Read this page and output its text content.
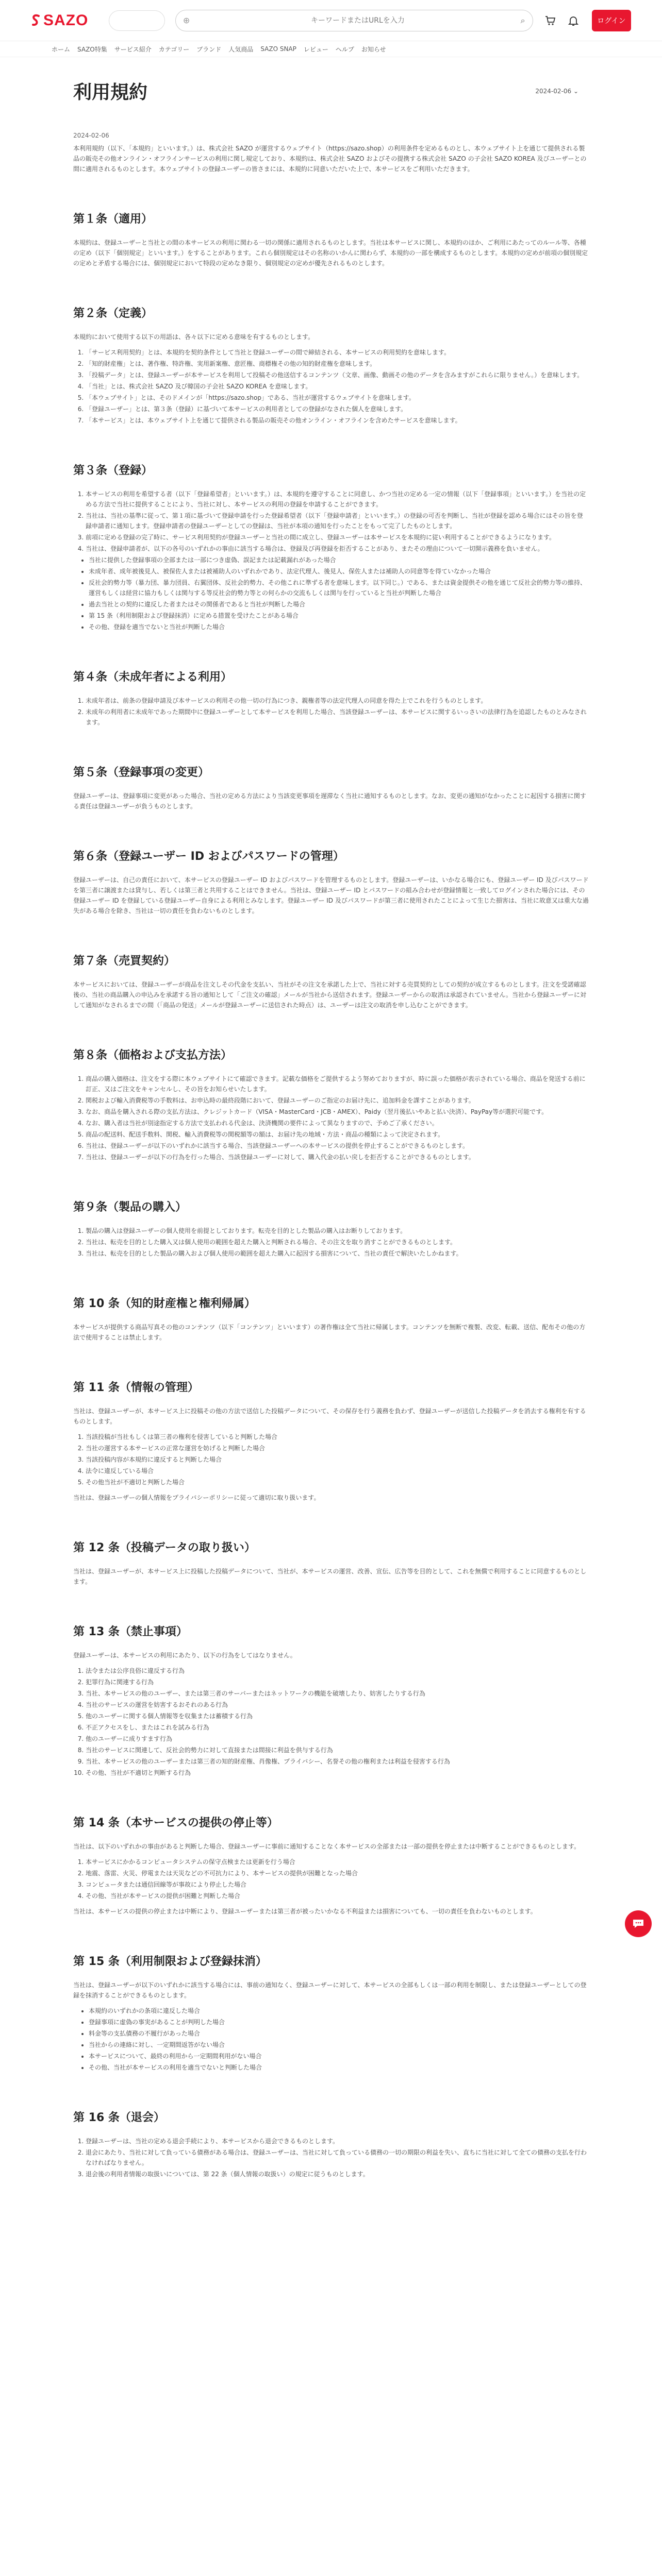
SAZO	⊕
キーワードまたはURLを入力	⌕	ログイン
ホーム SAZO特集 サービス紹介 カテゴリー ブランド 人気商品 SAZO SNAP レビュー ヘルプ お知らせ
利用規約	2024-02-06 ⌄
2024-02-06
本利用規約（以下、「本規約」といいます。）は、株式会社 SAZO が運営するウェブサイト（https://sazo.shop）の利用条件を定めるものとし、本ウェブサイト上を通じて提供される製品の販売その他オンライン・オフラインサービスの利用に関し規定しており、本規約は、株式会社 SAZO およびその提携する株式会社 SAZO の子会社 SAZO KOREA 及びユーザーとの間に適用されるものとします。本ウェブサイトの登録ユーザーの皆さまには、本規約に同意いただいた上で、本サービスをご利用いただきます。
第１条（適用）

本規約は、登録ユーザーと当社との間の本サービスの利用に関わる一切の関係に適用されるものとします。当社は本サービスに関し、本規約のほか、ご利用にあたってのルール等、各種の定め（以下「個別規定」といいます。）をすることがあります。これら個別規定はその名称のいかんに関わらず、本規約の一部を構成するものとします。本規約の定めが前項の個別規定の定めと矛盾する場合には、個別規定において特段の定めなき限り、個別規定の定めが優先されるものとします。

第２条（定義）

本規約において使用する以下の用語は、各々以下に定める意味を有するものとします。

1. 「サービス利用契約」とは、本規約を契約条件として当社と登録ユーザーの間で締結される、本サービスの利用契約を意味します。
2. 「知的財産権」とは、著作権、特許権、実用新案権、意匠権、商標権その他の知的財産権を意味します。
3. 「投稿データ」とは、登録ユーザーが本サービスを利用して投稿その他送信するコンテンツ（文章、画像、動画その他のデータを含みますがこれらに限りません。）を意味します。
4. 「当社」とは、株式会社 SAZO 及び韓国の子会社 SAZO KOREA を意味します。
5. 「本ウェブサイト」とは、そのドメインが「https://sazo.shop」である、当社が運営するウェブサイトを意味します。
6. 「登録ユーザー」とは、第３条（登録）に基づいて本サービスの利用者としての登録がなされた個人を意味します。
7. 「本サービス」とは、本ウェブサイト上を通じて提供される製品の販売その他オンライン・オフラインを含めたサービスを意味します。
第３条（登録）
1. 本サービスの利用を希望する者（以下「登録希望者」といいます。）は、本規約を遵守することに同意し、かつ当社の定める一定の情報（以下「登録事項」といいます。）を当社の定める方法で当社に提供することにより、当社に対し、本サービスの利用の登録を申請することができます。
2. 当社は、当社の基準に従って、第１項に基づいて登録申請を行った登録希望者（以下「登録申請者」といいます。）の登録の可否を判断し、当社が登録を認める場合にはその旨を登録申請者に通知します。登録申請者の登録ユーザーとしての登録は、当社が本項の通知を行ったことをもって完了したものとします。
3. 前項に定める登録の完了時に、サービス利用契約が登録ユーザーと当社の間に成立し、登録ユーザーは本サービスを本規約に従い利用することができるようになります。
4. 当社は、登録申請者が、以下の各号のいずれかの事由に該当する場合は、登録及び再登録を拒否することがあり、またその理由について一切開示義務を負いません。
• 当社に提供した登録事項の全部または一部につき虚偽、誤記または記載漏れがあった場合
• 未成年者、成年被後見人、被保佐人または被補助人のいずれかであり、法定代理人、後見人、保佐人または補助人の同意等を得ていなかった場合
• 反社会的勢力等（暴力団、暴力団員、右翼団体、反社会的勢力、その他これに準ずる者を意味します。以下同じ。）である、または資金提供その他を通じて反社会的勢力等の維持、運営もしくは経営に協力もしくは関与する等反社会的勢力等との何らかの交流もしくは関与を行っていると当社が判断した場合
• 過去当社との契約に違反した者またはその関係者であると当社が判断した場合
• 第 15 条（利用制限および登録抹消）に定める措置を受けたことがある場合
• その他、登録を適当でないと当社が判断した場合
第４条（未成年者による利用）
1. 未成年者は、前条の登録申請及び本サービスの利用その他一切の行為につき、親権者等の法定代理人の同意を得た上でこれを行うものとします。
2. 未成年の利用者に未成年であった期間中に登録ユーザーとして本サービスを利用した場合、当該登録ユーザーは、本サービスに関するいっさいの法律行為を追認したものとみなされます。
第５条（登録事項の変更）

登録ユーザーは、登録事項に変更があった場合、当社の定める方法により当該変更事項を遅滞なく当社に通知するものとします。なお、変更の通知がなかったことに起因する損害に関する責任は登録ユーザーが負うものとします。

第６条（登録ユーザー ID およびパスワードの管理）

登録ユーザーは、自己の責任において、本サービスの登録ユーザー ID およびパスワードを管理するものとします。登録ユーザーは、いかなる場合にも、登録ユーザー ID 及びパスワードを第三者に譲渡または貸与し、若しくは第三者と共用することはできません。当社は、登録ユーザー ID とパスワードの組み合わせが登録情報と一致してログインされた場合には、その登録ユーザー ID を登録している登録ユーザー自身による利用とみなします。登録ユーザー ID 及びパスワードが第三者に使用されたことによって生じた損害は、当社に故意又は重大な過失がある場合を除き、当社は一切の責任を負わないものとします。

第７条（売買契約）

本サービスにおいては、登録ユーザーが商品を注文しその代金を支払い、当社がその注文を承諾した上で、当社に対する売買契約としての契約が成立するものとします。注文を受諾確認後の、当社の商品購入の申込みを承諾する旨の通知として「ご注文の確認」メールが当社から送信されます。登録ユーザーからの取消は承認されていません。当社から登録ユーザーに対して通知がなされるまでの間（「商品の発送」メールが登録ユーザーに送信された時点）は、ユーザーは注文の取消を申し込むことができます。

第８条（価格および支払方法）
1. 商品の購入価格は、注文をする際に本ウェブサイトにて確認できます。記載な価格をご提供するよう努めておりますが、時に誤った価格が表示されている場合、商品を発送する前に訂正、又はご注文をキャンセルし、その旨をお知らせいたします。
2. 関税および輸入消費税等の手数料は、お申込時の最終段階において、登録ユーザーのご指定のお届け先に、追加料金を課すことがあります。
3. なお、商品を購入される際の支払方法は、クレジットカード（VISA・MasterCard・JCB・AMEX）、Paidy（翌月後払いやあと払い決済）、PayPay等が選択可能です。
4. なお、購入者は当社が別途指定する方法で支払われる代金は、決済機関の要件によって異なりますので、予めご了承ください。
5. 商品の配送料、配送手数料、関税、輸入消費税等の関税額等の額は、お届け先の地域・方法・商品の種類によって決定されます。
6. 当社は、登録ユーザーが以下のいずれかに該当する場合、当該登録ユーザーへの本サービスの提供を停止することができるものとします。
7. 当社は、登録ユーザーが以下の行為を行った場合、当該登録ユーザーに対して、購入代金の払い戻しを拒否することができるものとします。
第９条（製品の購入）
1. 製品の購入は登録ユーザーの個人使用を前提としております。転売を目的とした製品の購入はお断りしております。
2. 当社は、転売を目的とした購入又は個人使用の範囲を超えた購入と判断される場合、その注文を取り消すことができるものとします。
3. 当社は、転売を目的とした製品の購入および個人使用の範囲を超えた購入に起因する損害について、当社の責任で解決いたしかねます。
第 10 条（知的財産権と権利帰属）

本サービスが提供する商品写真その他のコンテンツ（以下「コンテンツ」といいます）の著作権は全て当社に帰属します。コンテンツを無断で複製、改変、転載、送信、配布その他の方法で使用することは禁止します。

第 11 条（情報の管理）

当社は、登録ユーザーが、本サービス上に投稿その他の方法で送信した投稿データについて、その保存を行う義務を負わず、登録ユーザーが送信した投稿データを消去する権利を有するものとします。

1. 当該投稿が当社もしくは第三者の権利を侵害していると判断した場合
2. 当社の運営する本サービスの正常な運営を妨げると判断した場合
3. 当該投稿内容が本規約に違反すると判断した場合
4. 法令に違反している場合
5. その他当社が不適切と判断した場合

当社は、登録ユーザーの個人情報をプライバシーポリシーに従って適切に取り扱います。

第 12 条（投稿データの取り扱い）

当社は、登録ユーザーが、本サービス上に投稿した投稿データについて、当社が、本サービスの運営、改善、宣伝、広告等を目的として、これを無償で利用することに同意するものとします。

第 13 条（禁止事項）

登録ユーザーは、本サービスの利用にあたり、以下の行為をしてはなりません。

1. 法令または公序良俗に違反する行為
2. 犯罪行為に関連する行為
3. 当社、本サービスの他のユーザー、または第三者のサーバーまたはネットワークの機能を破壊したり、妨害したりする行為
4. 当社のサービスの運営を妨害するおそれのある行為
5. 他のユーザーに関する個人情報等を収集または蓄積する行為
6. 不正アクセスをし、またはこれを試みる行為
7. 他のユーザーに成りすます行為
8. 当社のサービスに関連して、反社会的勢力に対して直接または間接に利益を供与する行為
9. 当社、本サービスの他のユーザーまたは第三者の知的財産権、肖像権、プライバシー、名誉その他の権利または利益を侵害する行為
10. その他、当社が不適切と判断する行為
第 14 条（本サービスの提供の停止等）

当社は、以下のいずれかの事由があると判断した場合、登録ユーザーに事前に通知することなく本サービスの全部または一部の提供を停止または中断することができるものとします。

1. 本サービスにかかるコンピュータシステムの保守点検または更新を行う場合
2. 地震、落雷、火災、停電または天災などの不可抗力により、本サービスの提供が困難となった場合
3. コンピュータまたは通信回線等が事故により停止した場合
4. その他、当社が本サービスの提供が困難と判断した場合

当社は、本サービスの提供の停止または中断により、登録ユーザーまたは第三者が被ったいかなる不利益または損害についても、一切の責任を負わないものとします。

第 15 条（利用制限および登録抹消）

当社は、登録ユーザーが以下のいずれかに該当する場合には、事前の通知なく、登録ユーザーに対して、本サービスの全部もしくは一部の利用を制限し、または登録ユーザーとしての登録を抹消することができるものとします。

• 本規約のいずれかの条項に違反した場合
• 登録事項に虚偽の事実があることが判明した場合
• 料金等の支払債務の不履行があった場合
• 当社からの連絡に対し、一定期間返答がない場合
• 本サービスについて、最終の利用から一定期間利用がない場合
• その他、当社が本サービスの利用を適当でないと判断した場合
第 16 条（退会）
1. 登録ユーザーは、当社の定める退会手続により、本サービスから退会できるものとします。
2. 退会にあたり、当社に対して負っている債務がある場合は、登録ユーザーは、当社に対して負っている債務の一切の期限の利益を失い、直ちに当社に対して全ての債務の支払を行わなければなりません。
3. 退会後の利用者情報の取扱いについては、第 22 条（個人情報の取扱い）の規定に従うものとします。
